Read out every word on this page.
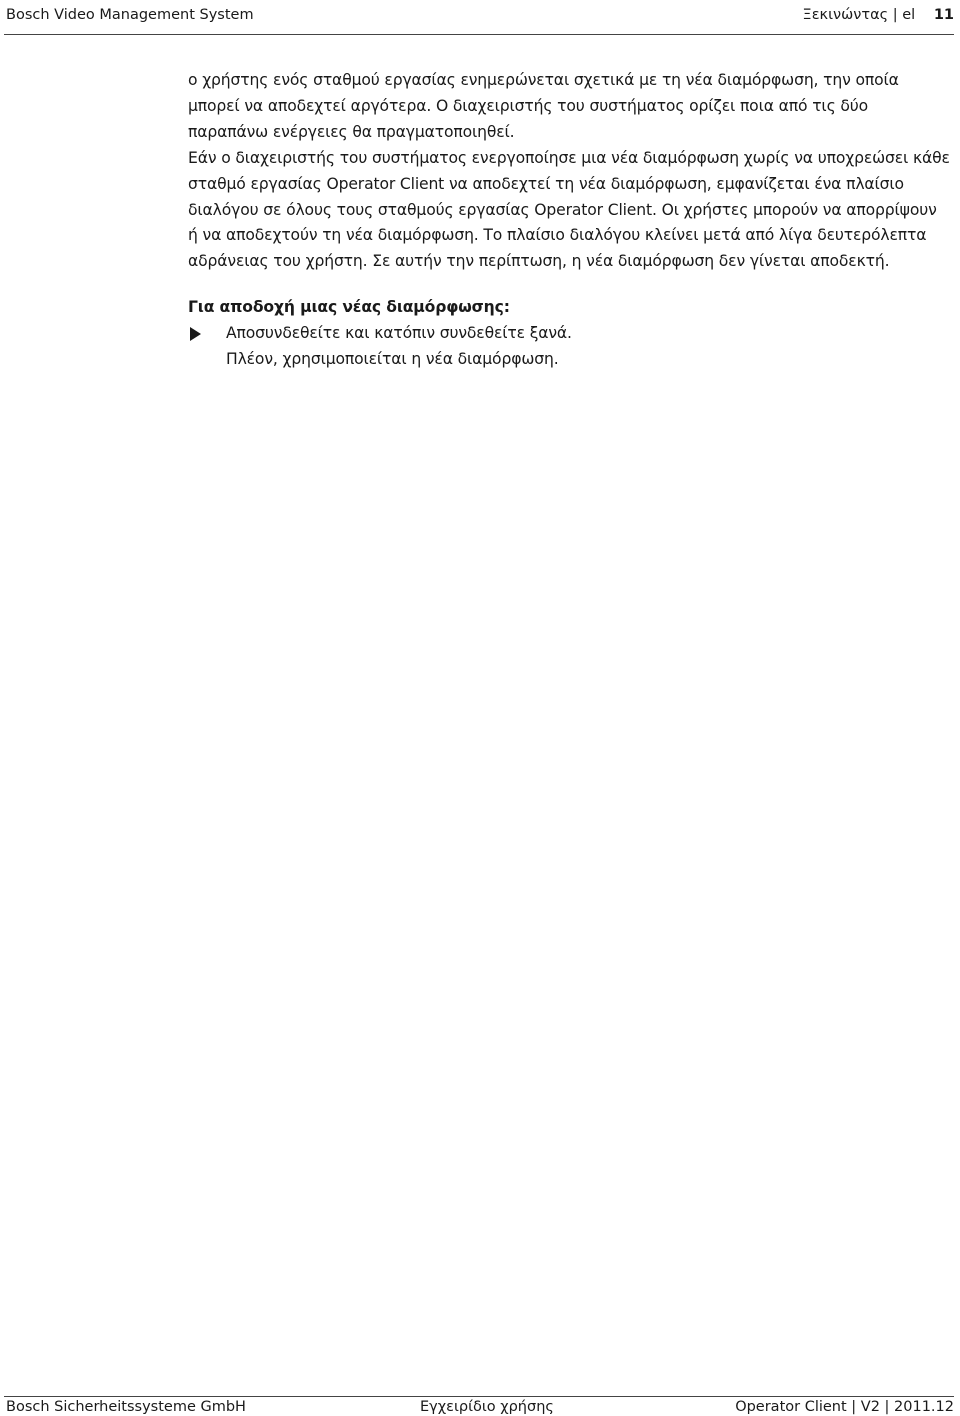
Bosch Video Management System	Ξεκινώντας | el 11

ο χρήστης ενός σταθμού εργασίας ενημερώνεται σχετικά με τη νέα διαμόρφωση, την οποία μπορεί να αποδεχτεί αργότερα. Ο διαχειριστής του συστήματος ορίζει ποια από τις δύο παραπάνω ενέργειες θα πραγματοποιηθεί.

Εάν ο διαχειριστής του συστήματος ενεργοποίησε μια νέα διαμόρφωση χωρίς να υποχρεώσει κάθε σταθμό εργασίας Operator Client να αποδεχτεί τη νέα διαμόρφωση, εμφανίζεται ένα πλαίσιο διαλόγου σε όλους τους σταθμούς εργασίας Operator Client. Οι χρήστες μπορούν να απορρίψουν ή να αποδεχτούν τη νέα διαμόρφωση. Το πλαίσιο διαλόγου κλείνει μετά από λίγα δευτερόλεπτα αδράνειας του χρήστη. Σε αυτήν την περίπτωση, η νέα διαμόρφωση δεν γίνεται αποδεκτή.

Για αποδοχή μιας νέας διαμόρφωσης:
Αποσυνδεθείτε και κατόπιν συνδεθείτε ξανά.
Πλέον, χρησιμοποιείται η νέα διαμόρφωση.
Bosch Sicherheitssysteme GmbH	Εγχειρίδιο χρήσης	Operator Client | V2 | 2011.12
